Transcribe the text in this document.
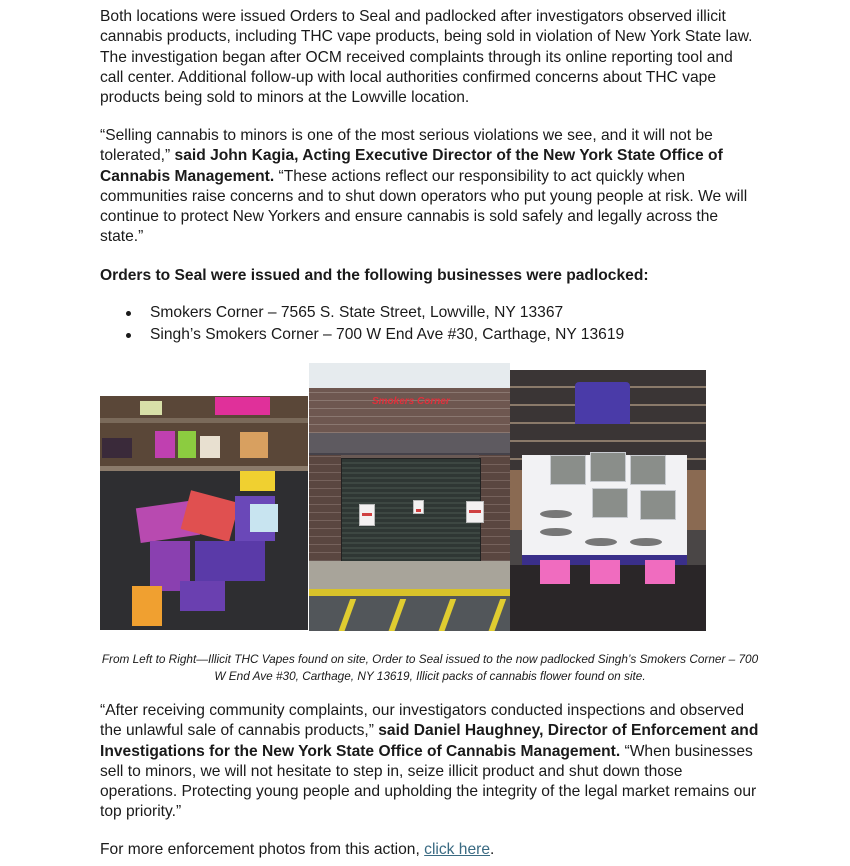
Both locations were issued Orders to Seal and padlocked after investigators observed illicit cannabis products, including THC vape products, being sold in violation of New York State law. The investigation began after OCM received complaints through its online reporting tool and call center. Additional follow-up with local authorities confirmed concerns about THC vape products being sold to minors at the Lowville location.

“Selling cannabis to minors is one of the most serious violations we see, and it will not be tolerated,” said John Kagia, Acting Executive Director of the New York State Office of Cannabis Management. “These actions reflect our responsibility to act quickly when communities raise concerns and to shut down operators who put young people at risk. We will continue to protect New Yorkers and ensure cannabis is sold safely and legally across the state.”

Orders to Seal were issued and the following businesses were padlocked:

Smokers Corner – 7565 S. State Street, Lowville, NY 13367
Singh’s Smokers Corner – 700 W End Ave #30, Carthage, NY 13619
Smokers Corner
From Left to Right—Illicit THC Vapes found on site, Order to Seal issued to the now padlocked Singh’s Smokers Corner – 700 W End Ave #30, Carthage, NY 13619, Illicit packs of cannabis flower found on site.

“After receiving community complaints, our investigators conducted inspections and observed the unlawful sale of cannabis products,” said Daniel Haughney, Director of Enforcement and Investigations for the New York State Office of Cannabis Management. “When businesses sell to minors, we will not hesitate to step in, seize illicit product and shut down those operations. Protecting young people and upholding the integrity of the legal market remains our top priority.”

For more enforcement photos from this action, click here.
